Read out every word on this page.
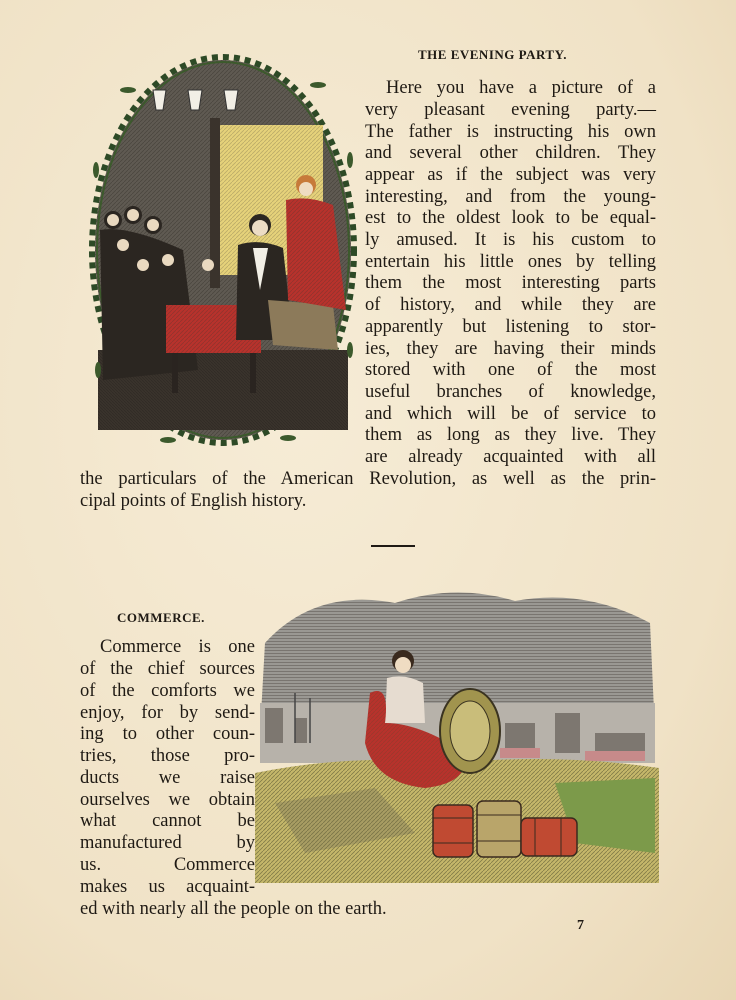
THE EVENING PARTY.
Here you have a picture of a
very pleasant evening party.—
The father is instructing his own
and several other children. They
appear as if the subject was very
interesting, and from the young-
est to the oldest look to be equal-
ly amused. It is his custom to
entertain his little ones by telling
them the most interesting parts
of history, and while they are
apparently but listening to stor-
ies, they are having their minds
stored with one of the most
useful branches of knowledge,
and which will be of service to
them as long as they live. They
are already acquainted with all
the particulars of the American Revolution, as well as the prin-
cipal points of English history.
COMMERCE.
Commerce is one
of the chief sources
of the comforts we
enjoy, for by send-
ing to other coun-
tries, those pro-
ducts we raise
ourselves we obtain
what cannot be
manufactured by
us. Commerce
makes us acquaint-
ed with nearly all the people on the earth.
7
